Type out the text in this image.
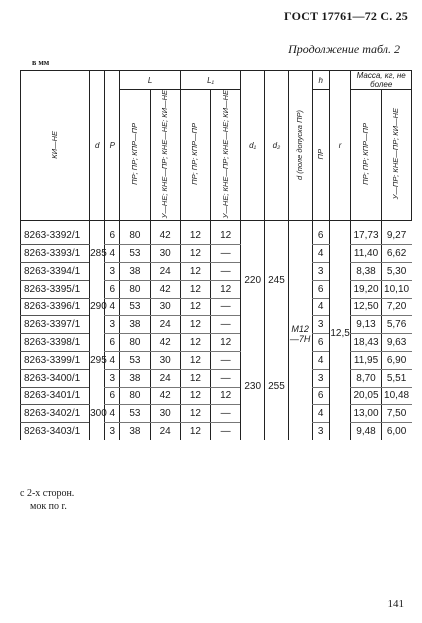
ГОСТ 17761—72 С. 25
Продолжение табл. 2
в мм
КИ—НЕ	d	P	L		L₁		d₁	d₂	d (поле допуска ПР)	h	r	Масса, кг, не более	
			ПР; ПР; КПР—ПР	У—НЕ; КНЕ—ПР; КНЕ—НЕ; КИ—НЕ	ПР; ПР; КПР—ПР	У—НЕ; КНЕ—ПР; КНЕ—НЕ; КИ—НЕ				ПР		ПР; ПР; КПР—ПР	У—ПР; КНЕ—ПР; КИ—НЕ
8263-3392/1	285	6	80	42	12	12	220	245	M12—7H	6	12,5	17,73	9,27
8263-3393/1		4	53	30	12	—				4		11,40	6,62
8263-3394/1		3	38	24	12	—				3		8,38	5,30
8263-3395/1	290	6	80	42	12	12				6		19,20	10,10
8263-3396/1		4	53	30	12	—				4		12,50	7,20
8263-3397/1		3	38	24	12	—				3		9,13	5,76
8263-3398/1	295	6	80	42	12	12	230	255		6		18,43	9,63
8263-3399/1		4	53	30	12	—				4		11,95	6,90
8263-3400/1		3	38	24	12	—				3		8,70	5,51
8263-3401/1	300	6	80	42	12	12				6		20,05	10,48
8263-3402/1		4	53	30	12	—				4		13,00	7,50
8263-3403/1		3	38	24	12	—				3		9,48	6,00
с 2-х сторон.
мок по r.
141
